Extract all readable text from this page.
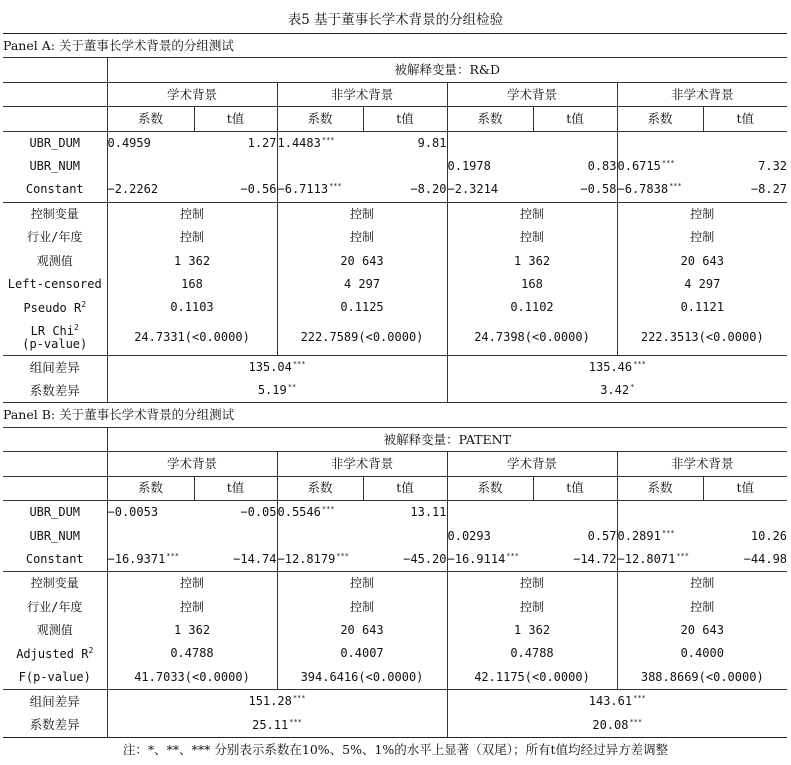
表5 基于董事长学术背景的分组检验
Panel A: 关于董事长学术背景的分组测试								
	被解释变量：R&D							
	学术背景		非学术背景		学术背景		非学术背景	
	系数	t值	系数	t值	系数	t值	系数	t值
UBR_DUM	0.4959	1.27	1.4483***	9.81				
UBR_NUM					0.1978	0.83	0.6715***	7.32
Constant	−2.2262	−0.56	−6.7113***	−8.20	−2.3214	−0.58	−6.7838***	−8.27
控制变量	控制		控制		控制		控制	
行业/年度	控制		控制		控制		控制	
观测值	1 362		20 643		1 362		20 643	
Left-censored	168		4 297		168		4 297	
Pseudo $R^2$	0.1103		0.1125		0.1102		0.1121	
LR Chi$^2$
(p-value)	24.7331(<0.0000)		222.7589(<0.0000)		24.7398(<0.0000)		222.3513(<0.0000)	
组间差异	135.04***				135.46***
系数差异	5.19**				3.42*
Panel B: 关于董事长学术背景的分组测试								
	被解释变量：PATENT							
	学术背景		非学术背景		学术背景		非学术背景	
	系数	t值	系数	t值	系数	t值	系数	t值
UBR_DUM	−0.0053	−0.05	0.5546***	13.11				
UBR_NUM					0.0293	0.57	0.2891***	10.26
Constant	−16.9371***	−14.74	−12.8179***	−45.20	−16.9114***	−14.72	−12.8071***	−44.98
控制变量	控制		控制		控制		控制	
行业/年度	控制		控制		控制		控制	
观测值	1 362		20 643		1 362		20 643	
Adjusted $R^2$	0.4788		0.4007		0.4788		0.4000	
F(p-value)	41.7033(<0.0000)		394.6416(<0.0000)		42.1175(<0.0000)		388.8669(<0.0000)	
组间差异	151.28***				143.61***
系数差异	25.11***				20.08***
注：*、**、*** 分别表示系数在10%、5%、1%的水平上显著（双尾）；所有t值均经过异方差调整
